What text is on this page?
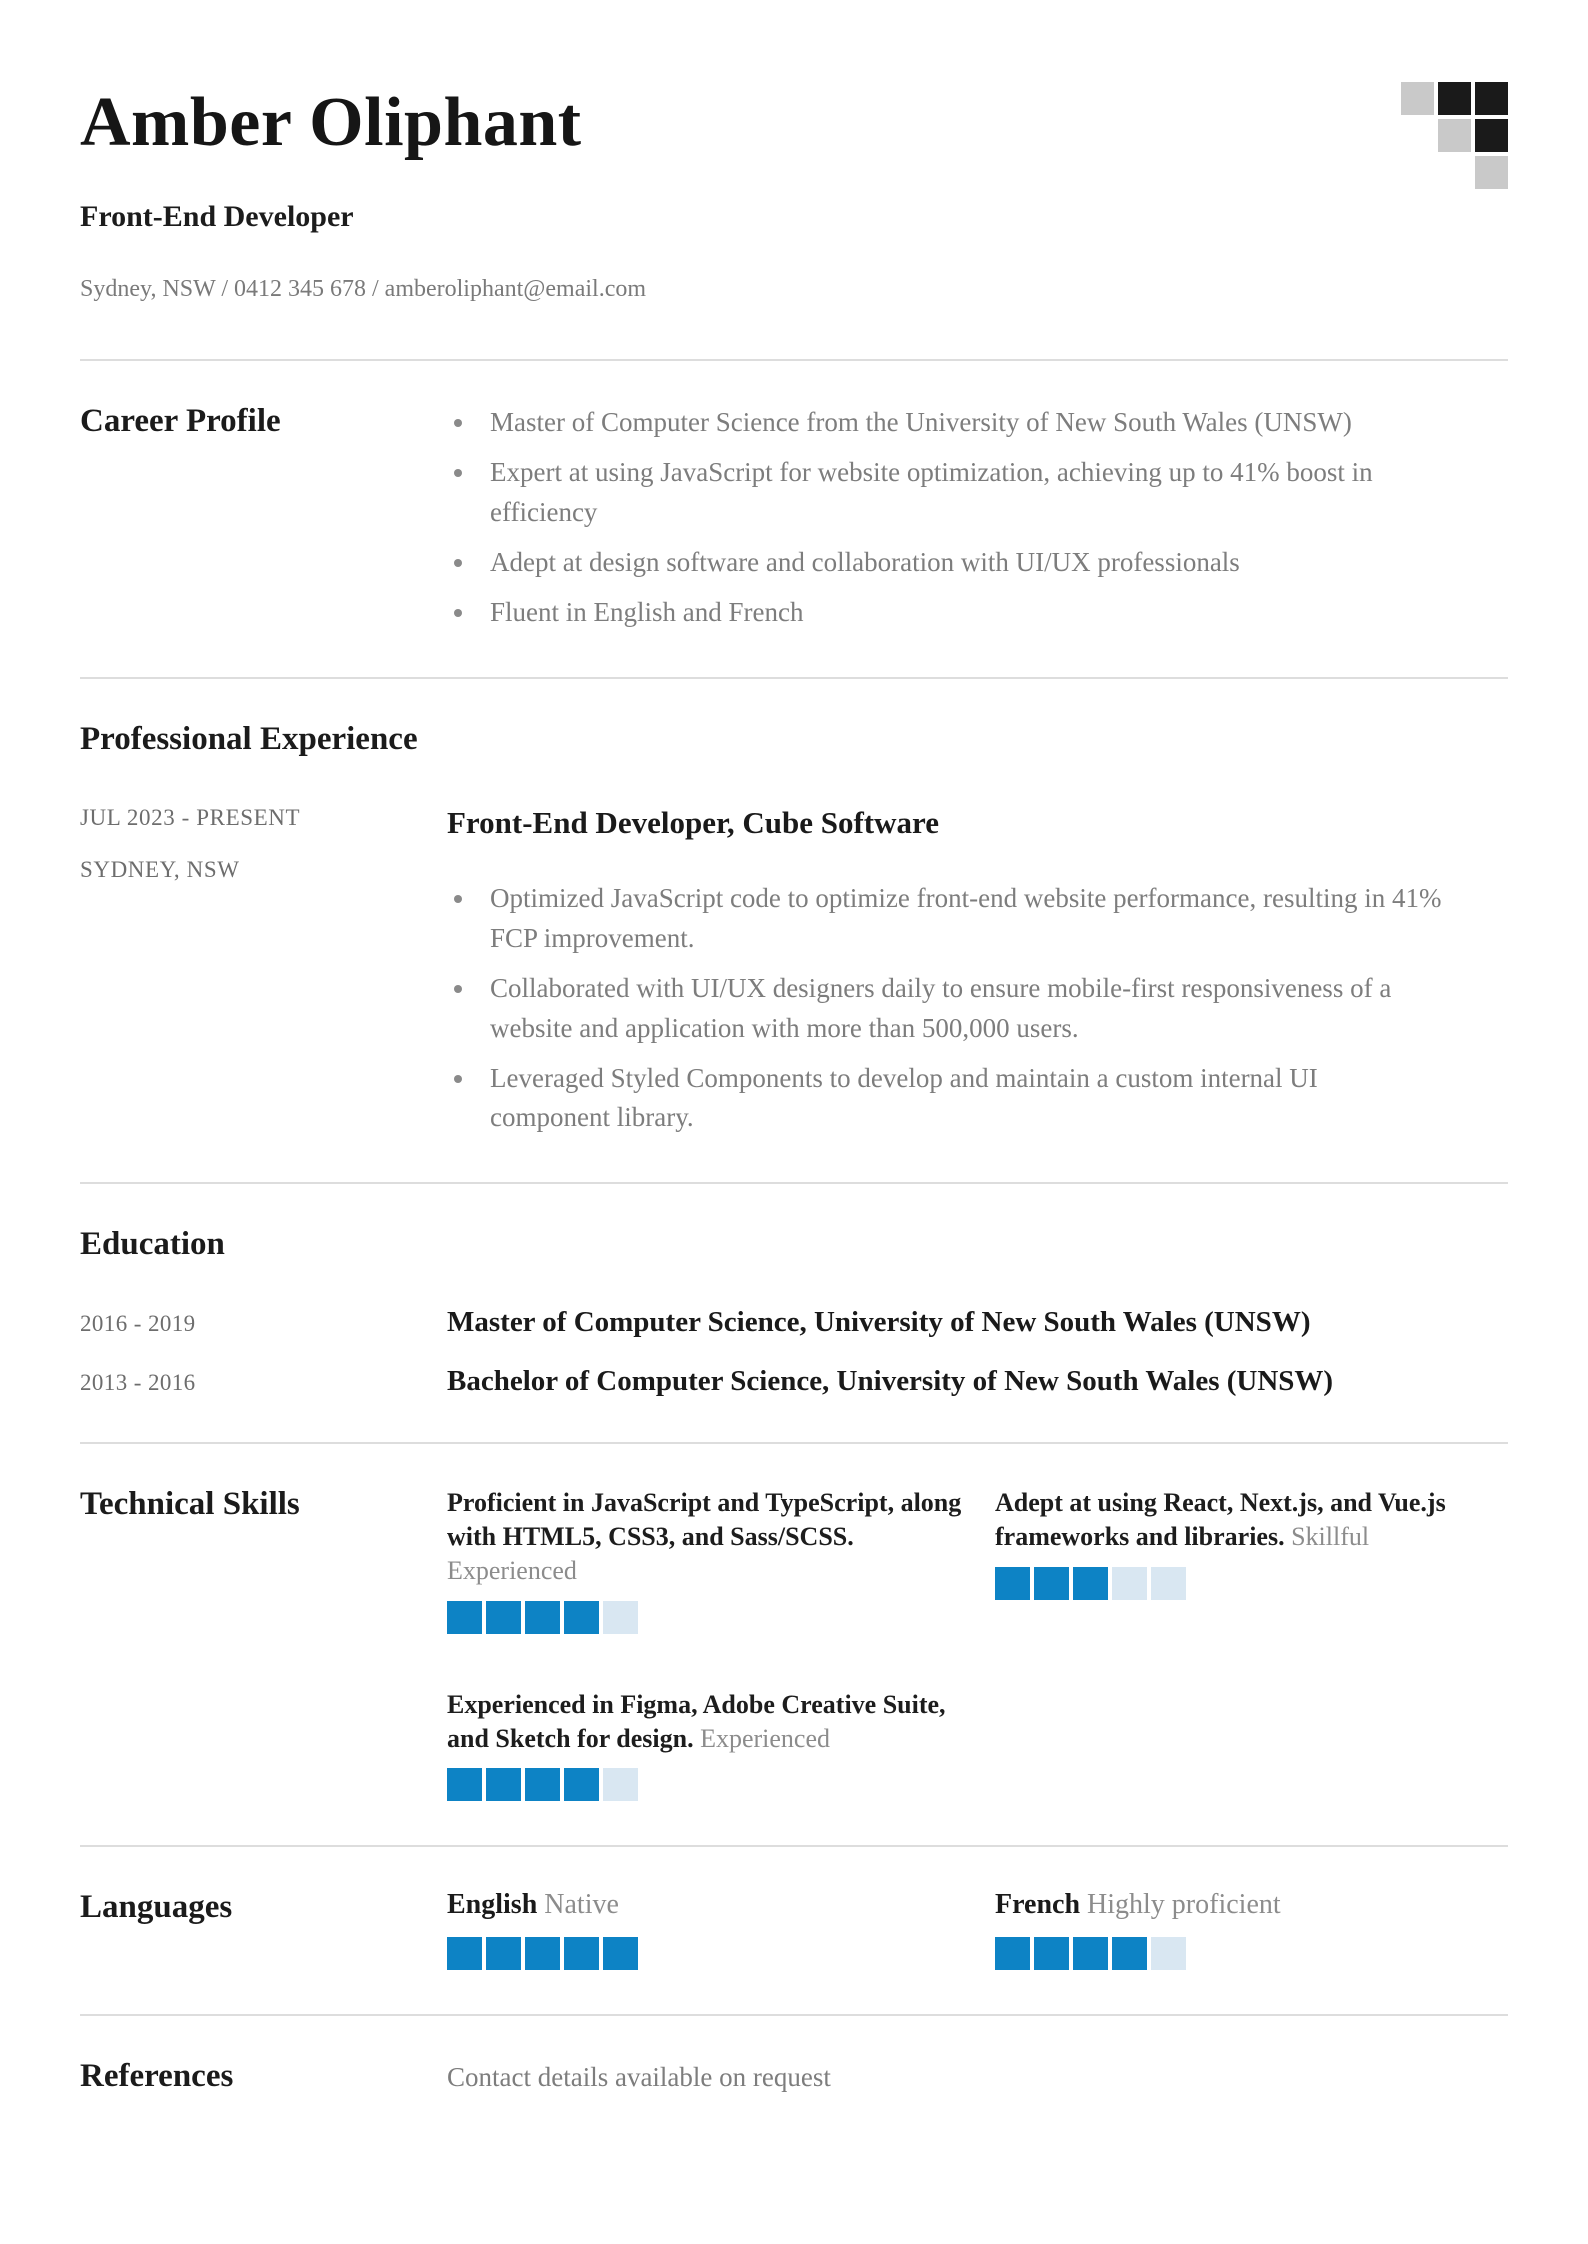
Amber Oliphant
Front-End Developer
Sydney, NSW / 0412 345 678 / amberoliphant@email.com
Career Profile	Master of Computer Science from the University of New South Wales (UNSW)
Expert at using JavaScript for website optimization, achieving up to 41% boost in efficiency
Adept at design software and collaboration with UI/UX professionals
Fluent in English and French
Professional Experience
JUL 2023 - PRESENT
SYDNEY, NSW
Front-End Developer, Cube Software
Optimized JavaScript code to optimize front-end website performance, resulting in 41% FCP improvement.
Collaborated with UI/UX designers daily to ensure mobile-first responsiveness of a website and application with more than 500,000 users.
Leveraged Styled Components to develop and maintain a custom internal UI component library.
Education
2016 - 2019	Master of Computer Science, University of New South Wales (UNSW)
2013 - 2016	Bachelor of Computer Science, University of New South Wales (UNSW)
Technical Skills	Proficient in JavaScript and TypeScript, along with HTML5, CSS3, and Sass/SCSS. Experienced
Adept at using React, Next.js, and Vue.js frameworks and libraries. Skillful
Experienced in Figma, Adobe Creative Suite, and Sketch for design. Experienced
Languages	English Native	French Highly proficient
References	Contact details available on request
